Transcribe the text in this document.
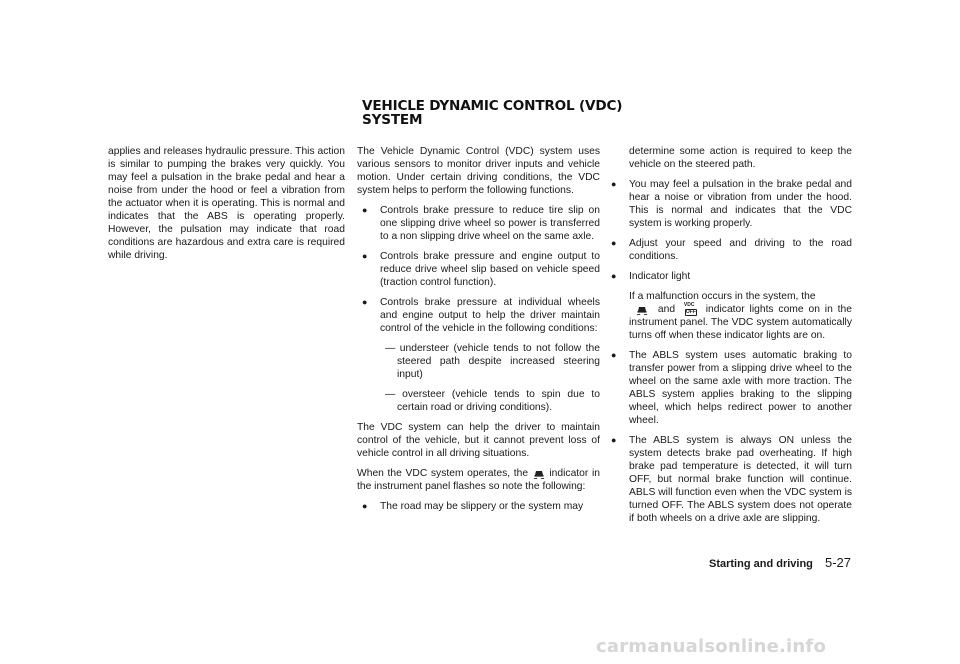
VEHICLE DYNAMIC CONTROL (VDC)
SYSTEM

applies and releases hydraulic pressure. This action is similar to pumping the brakes very quickly. You may feel a pulsation in the brake pedal and hear a noise from under the hood or feel a vibration from the actuator when it is operating. This is normal and indicates that the ABS is operating properly. However, the pulsation may indicate that road conditions are hazardous and extra care is required while driving.

The Vehicle Dynamic Control (VDC) system uses various sensors to monitor driver inputs and vehicle motion. Under certain driving conditions, the VDC system helps to perform the following functions.

● Controls brake pressure to reduce tire slip on one slipping drive wheel so power is transferred to a non slipping drive wheel on the same axle.

● Controls brake pressure and engine output to reduce drive wheel slip based on vehicle speed (traction control function).

● Controls brake pressure at individual wheels and engine output to help the driver maintain control of the vehicle in the following conditions:

— understeer (vehicle tends to not follow the steered path despite increased steering input)

— oversteer (vehicle tends to spin due to certain road or driving conditions).

The VDC system can help the driver to maintain control of the vehicle, but it cannot prevent loss of vehicle control in all driving situations.

When the VDC system operates, the indicator in the instrument panel flashes so note the following:

● The road may be slippery or the system may

determine some action is required to keep the vehicle on the steered path.

● You may feel a pulsation in the brake pedal and hear a noise or vibration from under the hood. This is normal and indicates that the VDC system is working properly.

● Adjust your speed and driving to the road conditions.

● Indicator light

If a malfunction occurs in the system, the
and VDC
OFF indicator lights come on in the instrument panel. The VDC system automatically turns off when these indicator lights are on.

● The ABLS system uses automatic braking to transfer power from a slipping drive wheel to the wheel on the same axle with more traction. The ABLS system applies braking to the slipping wheel, which helps redirect power to another wheel.

● The ABLS system is always ON unless the system detects brake pad overheating. If high brake pad temperature is detected, it will turn OFF, but normal brake function will continue. ABLS will function even when the VDC system is turned OFF. The ABLS system does not operate if both wheels on a drive axle are slipping.

Starting and driving 5-27
carmanualsonline.info
